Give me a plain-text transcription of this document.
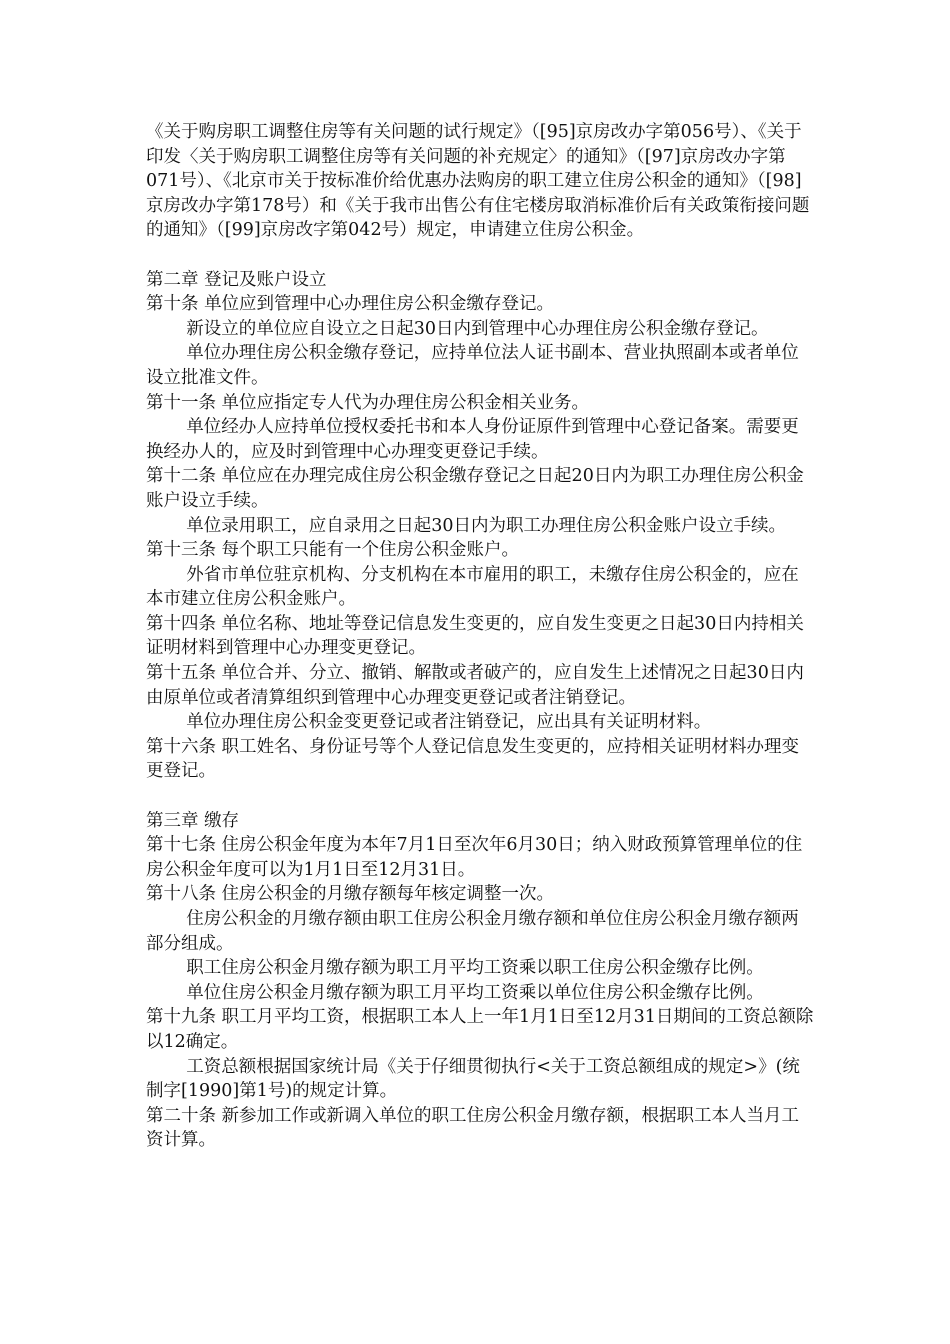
《关于购房职工调整住房等有关问题的试行规定》（[95]京房改办字第056号）、《关于印发〈关于购房职工调整住房等有关问题的补充规定〉的通知》（[97]京房改办字第071号）、《北京市关于按标准价给优惠办法购房的职工建立住房公积金的通知》（[98]京房改办字第178号）和《关于我市出售公有住宅楼房取消标准价后有关政策衔接问题的通知》（[99]京房改字第042号）规定，申请建立住房公积金。

第二章 登记及账户设立

第十条 单位应到管理中心办理住房公积金缴存登记。

新设立的单位应自设立之日起30日内到管理中心办理住房公积金缴存登记。

单位办理住房公积金缴存登记，应持单位法人证书副本、营业执照副本或者单位设立批准文件。

第十一条 单位应指定专人代为办理住房公积金相关业务。

单位经办人应持单位授权委托书和本人身份证原件到管理中心登记备案。需要更换经办人的，应及时到管理中心办理变更登记手续。

第十二条 单位应在办理完成住房公积金缴存登记之日起20日内为职工办理住房公积金账户设立手续。

单位录用职工，应自录用之日起30日内为职工办理住房公积金账户设立手续。

第十三条 每个职工只能有一个住房公积金账户。

外省市单位驻京机构、分支机构在本市雇用的职工，未缴存住房公积金的，应在本市建立住房公积金账户。

第十四条 单位名称、地址等登记信息发生变更的，应自发生变更之日起30日内持相关证明材料到管理中心办理变更登记。

第十五条 单位合并、分立、撤销、解散或者破产的，应自发生上述情况之日起30日内由原单位或者清算组织到管理中心办理变更登记或者注销登记。

单位办理住房公积金变更登记或者注销登记，应出具有关证明材料。

第十六条 职工姓名、身份证号等个人登记信息发生变更的，应持相关证明材料办理变更登记。

第三章 缴存

第十七条 住房公积金年度为本年7月1日至次年6月30日；纳入财政预算管理单位的住房公积金年度可以为1月1日至12月31日。

第十八条 住房公积金的月缴存额每年核定调整一次。

住房公积金的月缴存额由职工住房公积金月缴存额和单位住房公积金月缴存额两部分组成。

职工住房公积金月缴存额为职工月平均工资乘以职工住房公积金缴存比例。

单位住房公积金月缴存额为职工月平均工资乘以单位住房公积金缴存比例。

第十九条 职工月平均工资，根据职工本人上一年1月1日至12月31日期间的工资总额除以12确定。

工资总额根据国家统计局《关于仔细贯彻执行<关于工资总额组成的规定>》(统制字[1990]第1号)的规定计算。

第二十条 新参加工作或新调入单位的职工住房公积金月缴存额，根据职工本人当月工资计算。
